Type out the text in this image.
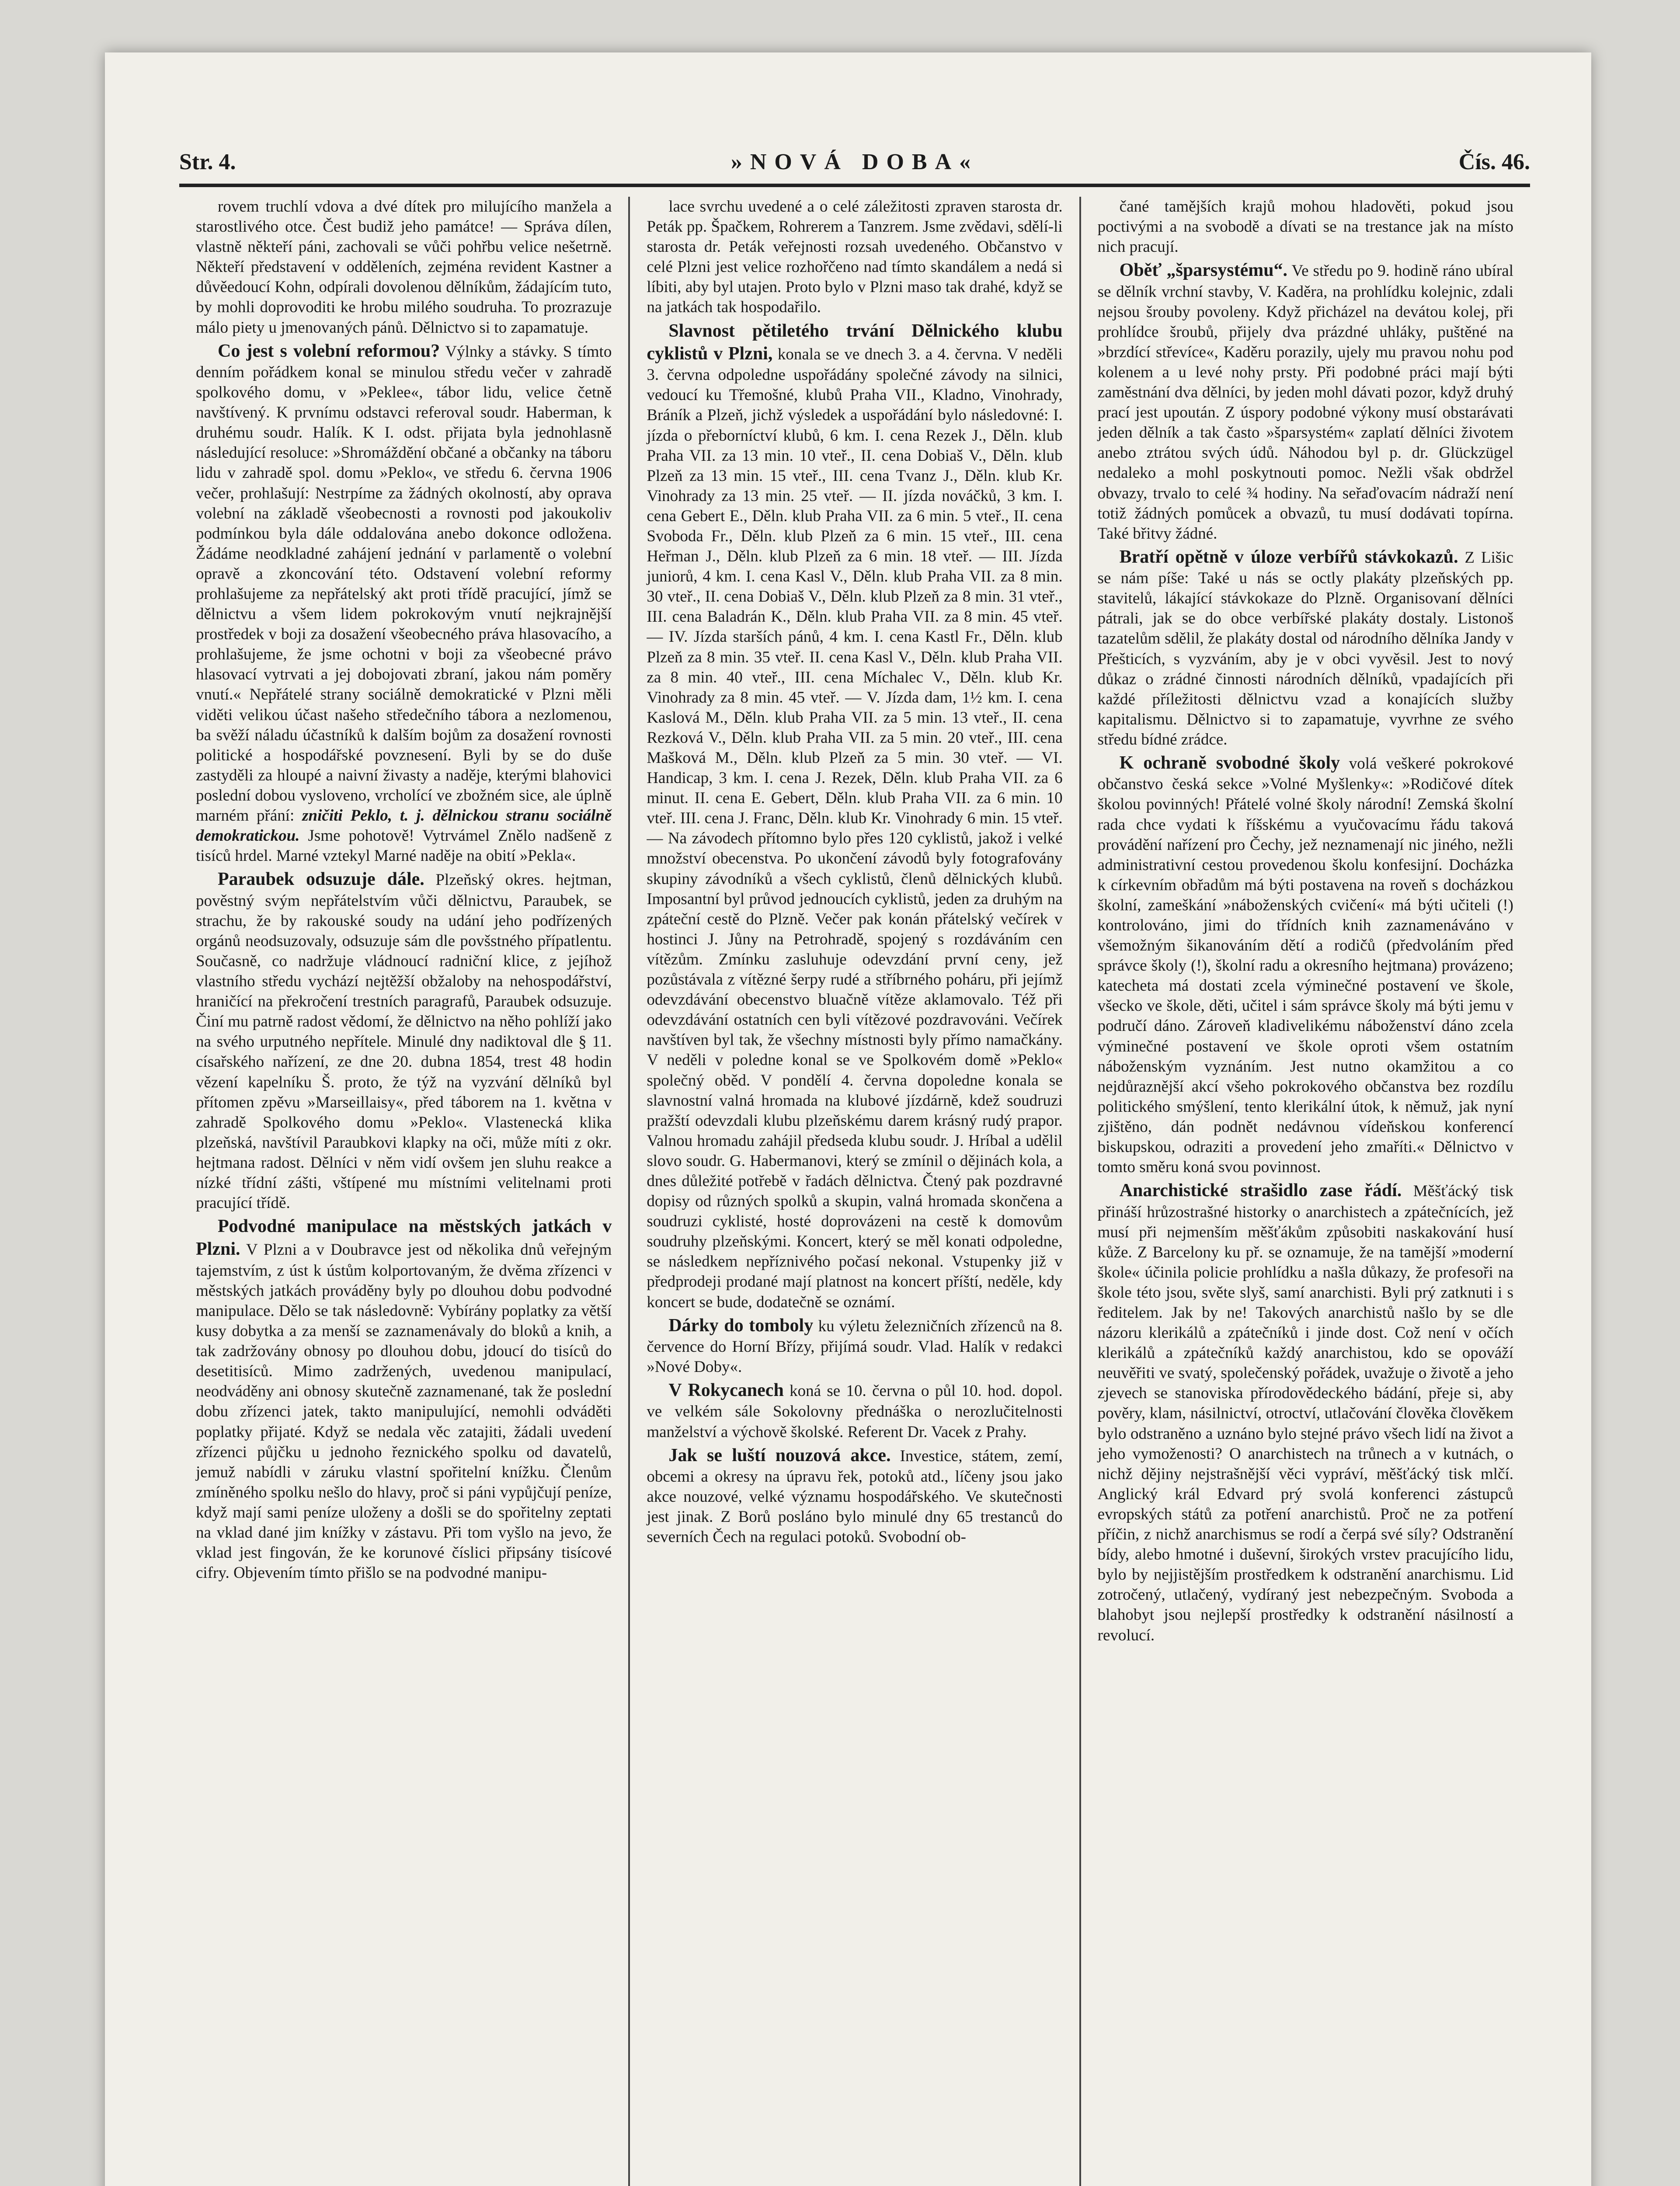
Str. 4.	»NOVÁ DOBA«	Čís. 46.

rovem truchlí vdova a dvé dítek pro milujícího manžela a starostlivého otce. Čest budiž jeho památce! — Správa dílen, vlastně někteří páni, zachovali se vůči pohřbu velice nešetrně. Někteří představení v odděleních, zejména revident Kastner a důvěedoucí Kohn, odpírali dovolenou dělníkům, žádajícím tuto, by mohli doprovoditi ke hrobu milého soudruha. To prozrazuje málo piety u jmenovaných pánů. Dělnictvo si to zapamatuje.

Co jest s volební reformou? Výlnky a stávky. S tímto denním pořádkem konal se minulou středu večer v zahradě spolkového domu, v »Peklee«, tábor lidu, velice četně navštívený. K prvnímu odstavci referoval soudr. Haberman, k druhému soudr. Halík. K I. odst. přijata byla jednohlasně následující resoluce: »Shromáždění občané a občanky na táboru lidu v zahradě spol. domu »Peklo«, ve středu 6. června 1906 večer, prohlašují: Nestrpíme za žádných okolností, aby oprava volební na základě všeobecnosti a rovnosti pod jakoukoliv podmínkou byla dále oddalována anebo dokonce odložena. Žádáme neodkladné zahájení jednání v parlamentě o volební opravě a zkoncování této. Odstavení volební reformy prohlašujeme za nepřátelský akt proti třídě pracující, jímž se dělnictvu a všem lidem pokrokovým vnutí nejkrajnější prostředek v boji za dosažení všeobecného práva hlasovacího, a prohlašujeme, že jsme ochotni v boji za všeobecné právo hlasovací vytrvati a jej dobojovati zbraní, jakou nám poměry vnutí.« Nepřátelé strany sociálně demokratické v Plzni měli viděti velikou účast našeho středečního tábora a nezlomenou, ba svěží náladu účastníků k dalším bojům za dosažení rovnosti politické a hospodářské povznesení. Byli by se do duše zastyděli za hloupé a naivní živasty a naděje, kterými blahovici poslední dobou vysloveno, vrcholící ve zbožném sice, ale úplně marném přání: zničiti Peklo, t. j. dělnickou stranu sociálně demokratickou. Jsme pohotově! Vytrvámel Znělo nadšeně z tisíců hrdel. Marné vztekyl Marné naděje na obití »Pekla«.

Paraubek odsuzuje dále. Plzeňský okres. hejtman, pověstný svým nepřátelstvím vůči dělnictvu, Paraubek, se strachu, že by rakouské soudy na udání jeho podřízených orgánů neodsuzovaly, odsuzuje sám dle povšstného přípatlentu. Současně, co nadržuje vládnoucí radniční klice, z jejíhož vlastního středu vychází nejtěžší obžaloby na nehospodářství, hraničící na překročení trestních paragrafů, Paraubek odsuzuje. Činí mu patrně radost vědomí, že dělnictvo na něho pohlíží jako na svého urputného nepřítele. Minulé dny nadiktoval dle § 11. císařského nařízení, ze dne 20. dubna 1854, trest 48 hodin vězení kapelníku Š. proto, že týž na vyzvání dělníků byl přítomen zpěvu »Marseillaisy«, před táborem na 1. května v zahradě Spolkového domu »Peklo«. Vlastenecká klika plzeňská, navštívil Paraubkovi klapky na oči, může míti z okr. hejtmana radost. Dělníci v něm vidí ovšem jen sluhu reakce a nízké třídní zášti, vštípené mu místními velitelnami proti pracující třídě.

Podvodné manipulace na městských jatkách v Plzni. V Plzni a v Doubravce jest od několika dnů veřejným tajemstvím, z úst k ústům kolportovaným, že dvěma zřízenci v městských jatkách prováděny byly po dlouhou dobu podvodné manipulace. Dělo se tak následovně: Vybírány poplatky za větší kusy dobytka a za menší se zaznamenávaly do bloků a knih, a tak zadržovány obnosy po dlouhou dobu, jdoucí do tisíců do desetitisíců. Mimo zadržených, uvedenou manipulací, neodváděny ani obnosy skutečně zaznamenané, tak že poslední dobu zřízenci jatek, takto manipulující, nemohli odváděti poplatky přijaté. Když se nedala věc zatajiti, žádali uvedení zřízenci půjčku u jednoho řeznického spolku od davatelů, jemuž nabídli v záruku vlastní spořitelní knížku. Členům zmíněného spolku nešlo do hlavy, proč si páni vypůjčují peníze, když mají sami peníze uloženy a došli se do spořitelny zeptati na vklad dané jim knížky v zástavu. Při tom vyšlo na jevo, že vklad jest fingován, že ke korunové číslici připsány tisícové cifry. Objevením tímto přišlo se na podvodné manipu-

lace svrchu uvedené a o celé záležitosti zpraven starosta dr. Peták pp. Špačkem, Rohrerem a Tanzrem. Jsme zvědavi, sdělí-li starosta dr. Peták veřejnosti rozsah uvedeného. Občanstvo v celé Plzni jest velice rozhořčeno nad tímto skandálem a nedá si líbiti, aby byl utajen. Proto bylo v Plzni maso tak drahé, když se na jatkách tak hospodařilo.

Slavnost pětiletého trvání Dělnického klubu cyklistů v Plzni, konala se ve dnech 3. a 4. června. V neděli 3. června odpoledne uspořádány společné závody na silnici, vedoucí ku Třemošné, klubů Praha VII., Kladno, Vinohrady, Bráník a Plzeň, jichž výsledek a uspořádání bylo následovné: I. jízda o přeborníctví klubů, 6 km. I. cena Rezek J., Děln. klub Praha VII. za 13 min. 10 vteř., II. cena Dobiaš V., Děln. klub Plzeň za 13 min. 15 vteř., III. cena Tvanz J., Děln. klub Kr. Vinohrady za 13 min. 25 vteř. — II. jízda nováčků, 3 km. I. cena Gebert E., Děln. klub Praha VII. za 6 min. 5 vteř., II. cena Svoboda Fr., Děln. klub Plzeň za 6 min. 15 vteř., III. cena Heřman J., Děln. klub Plzeň za 6 min. 18 vteř. — III. Jízda juniorů, 4 km. I. cena Kasl V., Děln. klub Praha VII. za 8 min. 30 vteř., II. cena Dobiaš V., Děln. klub Plzeň za 8 min. 31 vteř., III. cena Baladrán K., Děln. klub Praha VII. za 8 min. 45 vteř. — IV. Jízda starších pánů, 4 km. I. cena Kastl Fr., Děln. klub Plzeň za 8 min. 35 vteř. II. cena Kasl V., Děln. klub Praha VII. za 8 min. 40 vteř., III. cena Míchalec V., Děln. klub Kr. Vinohrady za 8 min. 45 vteř. — V. Jízda dam, 1½ km. I. cena Kaslová M., Děln. klub Praha VII. za 5 min. 13 vteř., II. cena Rezková V., Děln. klub Praha VII. za 5 min. 20 vteř., III. cena Mašková M., Děln. klub Plzeň za 5 min. 30 vteř. — VI. Handicap, 3 km. I. cena J. Rezek, Děln. klub Praha VII. za 6 minut. II. cena E. Gebert, Děln. klub Praha VII. za 6 min. 10 vteř. III. cena J. Franc, Děln. klub Kr. Vinohrady 6 min. 15 vteř. — Na závodech přítomno bylo přes 120 cyklistů, jakož i velké množství obecenstva. Po ukončení závodů byly fotografovány skupiny závodníků a všech cyklistů, členů dělnických klubů. Imposantní byl průvod jednoucích cyklistů, jeden za druhým na zpáteční cestě do Plzně. Večer pak konán přátelský večírek v hostinci J. Jůny na Petrohradě, spojený s rozdáváním cen vítězům. Zmínku zasluhuje odevzdání první ceny, jež pozůstávala z vítězné šerpy rudé a stříbrného poháru, při jejímž odevzdávání obecenstvo bluačně vítěze aklamovalo. Též při odevzdávání ostatních cen byli vítězové pozdravováni. Večírek navštíven byl tak, že všechny místnosti byly přímo namačkány. V neděli v poledne konal se ve Spolkovém domě »Peklo« společný oběd. V pondělí 4. června dopoledne konala se slavnostní valná hromada na klubové jízdárně, kdež soudruzi pražští odevzdali klubu plzeňskému darem krásný rudý prapor. Valnou hromadu zahájil předseda klubu soudr. J. Hríbal a udělil slovo soudr. G. Habermanovi, který se zmínil o dějinách kola, a dnes důležité potřebě v řadách dělnictva. Čtený pak pozdravné dopisy od různých spolků a skupin, valná hromada skončena a soudruzi cyklisté, hosté doprovázeni na cestě k domovům soudruhy plzeňskými. Koncert, který se měl konati odpoledne, se následkem nepříznivého počasí nekonal. Vstupenky již v předprodeji prodané mají platnost na koncert příští, neděle, kdy koncert se bude, dodatečně se oznámí.

Dárky do tomboly ku výletu železničních zřízenců na 8. července do Horní Břízy, přijímá soudr. Vlad. Halík v redakci »Nové Doby«.

V Rokycanech koná se 10. června o půl 10. hod. dopol. ve velkém sále Sokolovny přednáška o nerozlučitelnosti manželství a výchově školské. Referent Dr. Vacek z Prahy.

Jak se luští nouzová akce. Investice, státem, zemí, obcemi a okresy na úpravu řek, potoků atd., líčeny jsou jako akce nouzové, velké významu hospodářského. Ve skutečnosti jest jinak. Z Borů posláno bylo minulé dny 65 trestanců do severních Čech na regulaci potoků. Svobodní ob-

čané tamějších krajů mohou hladověti, pokud jsou poctivými a na svobodě a dívati se na trestance jak na místo nich pracují.

Oběť „šparsystému“. Ve středu po 9. hodině ráno ubíral se dělník vrchní stavby, V. Kaděra, na prohlídku kolejnic, zdali nejsou šrouby povoleny. Když přicházel na devátou kolej, při prohlídce šroubů, přijely dva prázdné uhláky, puštěné na »brzdící střevíce«, Kaděru porazily, ujely mu pravou nohu pod kolenem a u levé nohy prsty. Při podobné práci mají býti zaměstnání dva dělníci, by jeden mohl dávati pozor, když druhý prací jest upoután. Z úspory podobné výkony musí obstarávati jeden dělník a tak často »šparsystém« zaplatí dělníci životem anebo ztrátou svých údů. Náhodou byl p. dr. Glückzügel nedaleko a mohl poskytnouti pomoc. Nežli však obdržel obvazy, trvalo to celé ¾ hodiny. Na seřaďovacím nádraží není totiž žádných pomůcek a obvazů, tu musí dodávati topírna. Také břitvy žádné.

Bratří opětně v úloze verbířů stávkokazů. Z Lišic se nám píše: Také u nás se octly plakáty plzeňských pp. stavitelů, lákající stávkokaze do Plzně. Organisovaní dělníci pátrali, jak se do obce verbířské plakáty dostaly. Listonoš tazatelům sdělil, že plakáty dostal od národního dělníka Jandy v Přešticích, s vyzváním, aby je v obci vyvěsil. Jest to nový důkaz o zrádné činnosti národních dělníků, vpadajících při každé příležitosti dělnictvu vzad a konajících služby kapitalismu. Dělnictvo si to zapamatuje, vyvrhne ze svého středu bídné zrádce.

K ochraně svobodné školy volá veškeré pokrokové občanstvo česká sekce »Volné Myšlenky«: »Rodičové dítek školou povinných! Přátelé volné školy národní! Zemská školní rada chce vydati k říšskému a vyučovacímu řádu taková provádění nařízení pro Čechy, jež neznamenají nic jiného, nežli administrativní cestou provedenou školu konfesijní. Docházka k církevním obřadům má býti postavena na roveň s docházkou školní, zameškání »náboženských cvičení« má býti učiteli (!) kontrolováno, jimi do třídních knih zaznamenáváno v všemožným šikanováním dětí a rodičů (předvoláním před správce školy (!), školní radu a okresního hejtmana) provázeno; katecheta má dostati zcela výminečné postavení ve škole, všecko ve škole, děti, učitel i sám správce školy má býti jemu v područí dáno. Zároveň kladivelikému náboženství dáno zcela výminečné postavení ve škole oproti všem ostatním náboženským vyznáním. Jest nutno okamžitou a co nejdůraznější akcí všeho pokrokového občanstva bez rozdílu politického smýšlení, tento klerikální útok, k němuž, jak nyní zjištěno, dán podnět nedávnou vídeňskou konferencí biskupskou, odraziti a provedení jeho zmaříti.« Dělnictvo v tomto směru koná svou povinnost.

Anarchistické strašidlo zase řádí. Měšťácký tisk přináší hrůzostrašné historky o anarchistech a zpátečnících, jež musí při nejmenším měšťákům způsobiti naskakování husí kůže. Z Barcelony ku př. se oznamuje, že na tamější »moderní škole« účinila policie prohlídku a našla důkazy, že profesoři na škole této jsou, světe slyš, samí anarchisti. Byli prý zatknuti i s ředitelem. Jak by ne! Takových anarchistů našlo by se dle názoru klerikálů a zpátečníků i jinde dost. Což není v očích klerikálů a zpátečníků každý anarchistou, kdo se opováží neuvěřiti ve svatý, společenský pořádek, uvažuje o životě a jeho zjevech se stanoviska přírodovědeckého bádání, přeje si, aby pověry, klam, násilnictví, otroctví, utlačování člověka člověkem bylo odstraněno a uznáno bylo stejné právo všech lidí na život a jeho vymoženosti? O anarchistech na trůnech a v kutnách, o nichž dějiny nejstrašnější věci vypráví, měšťácký tisk mlčí. Anglický král Edvard prý svolá konferenci zástupců evropských států za potření anarchistů. Proč ne za potření příčin, z nichž anarchismus se rodí a čerpá své síly? Odstranění bídy, alebo hmotné i duševní, širokých vrstev pracujícího lidu, bylo by nejjistějším prostředkem k odstranění anarchismu. Lid zotročený, utlačený, vydíraný jest nebezpečným. Svoboda a blahobyt jsou nejlepší prostředky k odstranění násilností a revolucí.
